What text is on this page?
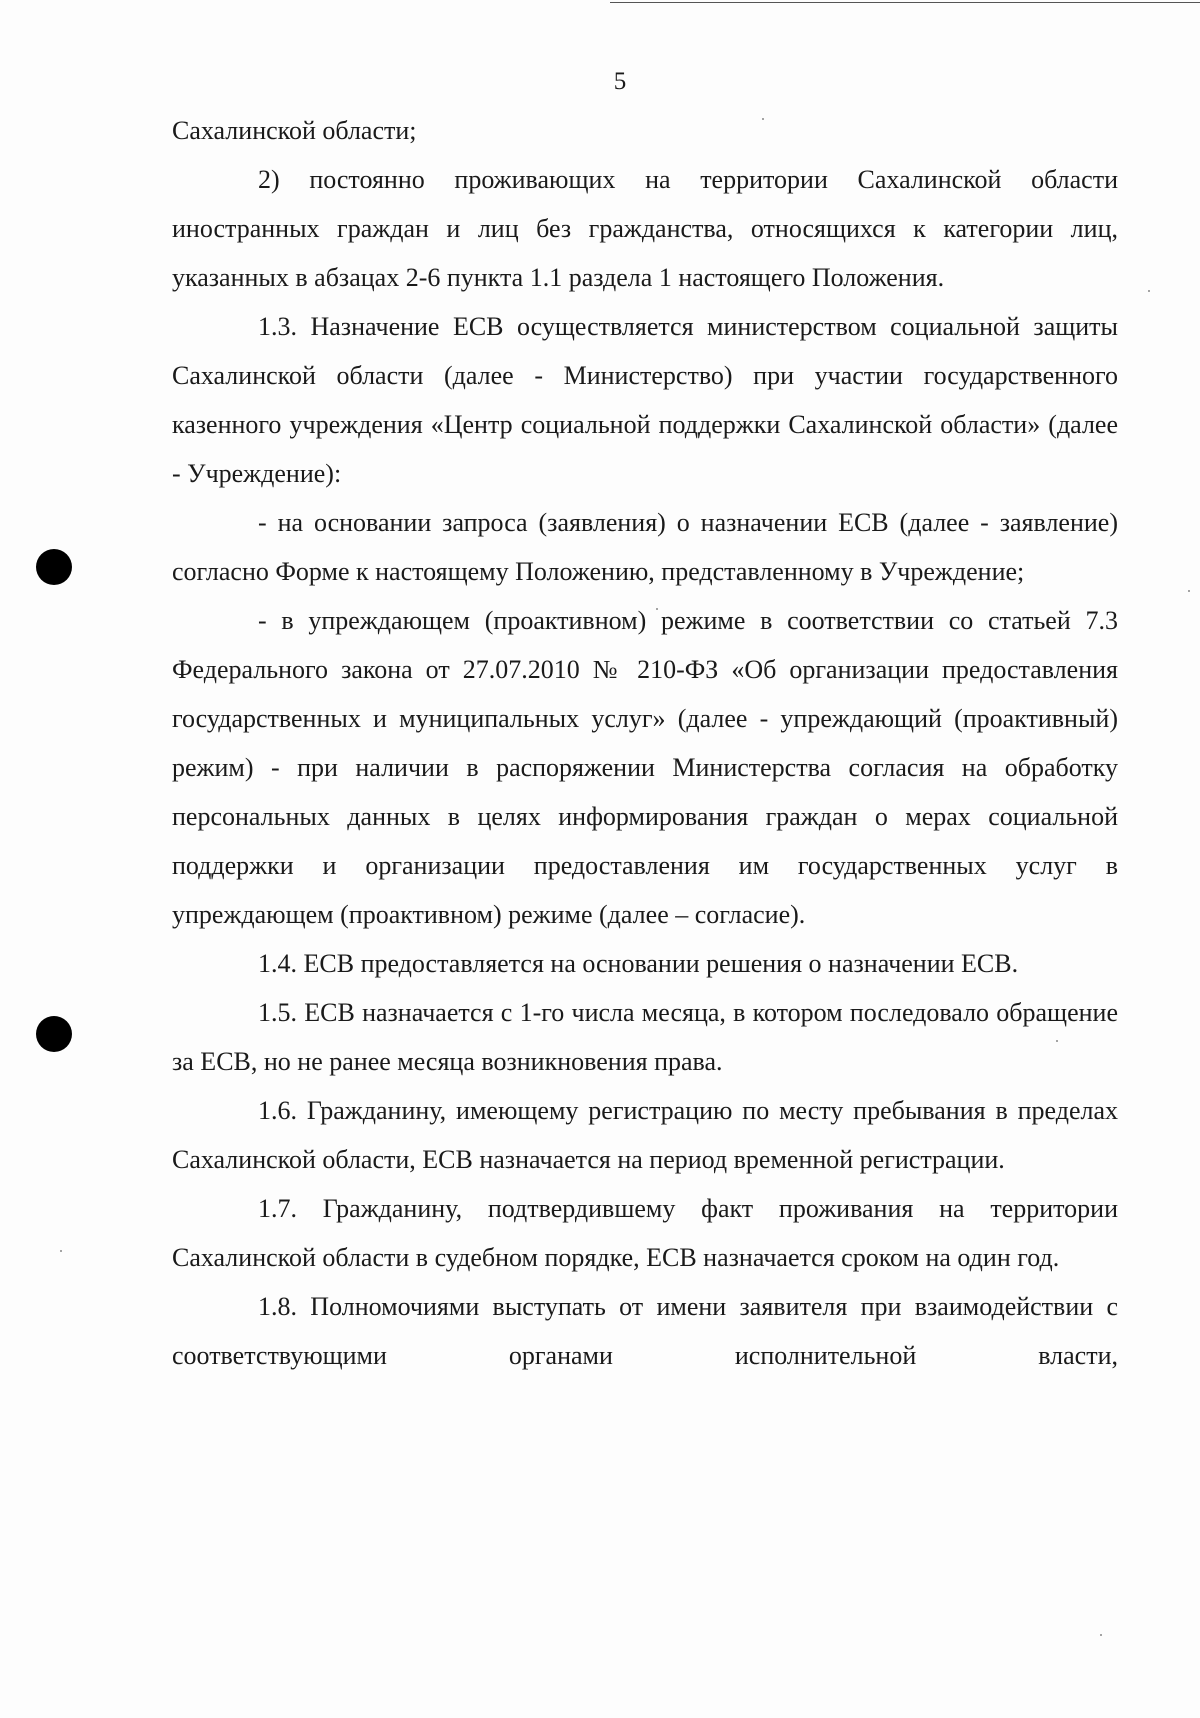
5

Сахалинской области;

2) постоянно проживающих на территории Сахалинской области иностранных граждан и лиц без гражданства, относящихся к категории лиц, указанных в абзацах 2-6 пункта 1.1 раздела 1 настоящего Положения.

1.3. Назначение ЕСВ осуществляется министерством социальной защиты Сахалинской области (далее - Министерство) при участии государственного казенного учреждения «Центр социальной поддержки Сахалинской области» (далее - Учреждение):

- на основании запроса (заявления) о назначении ЕСВ (далее - заявление) согласно Форме к настоящему Положению, представленному в Учреждение;

- в упреждающем (проактивном) режиме в соответствии со статьей 7.3 Федерального закона от 27.07.2010 № 210-ФЗ «Об организации предоставления государственных и муниципальных услуг» (далее - упреждающий (проактивный) режим) - при наличии в распоряжении Министерства согласия на обработку персональных данных в целях информирования граждан о мерах социальной поддержки и организации предоставления им государственных услуг в упреждающем (проактивном) режиме (далее – согласие).

1.4. ЕСВ предоставляется на основании решения о назначении ЕСВ.

1.5. ЕСВ назначается с 1-го числа месяца, в котором последовало обращение за ЕСВ, но не ранее месяца возникновения права.

1.6. Гражданину, имеющему регистрацию по месту пребывания в пределах Сахалинской области, ЕСВ назначается на период временной регистрации.

1.7. Гражданину, подтвердившему факт проживания на территории Сахалинской области в судебном порядке, ЕСВ назначается сроком на один год.

1.8. Полномочиями выступать от имени заявителя при взаимодействии с соответствующими органами исполнительной власти,
